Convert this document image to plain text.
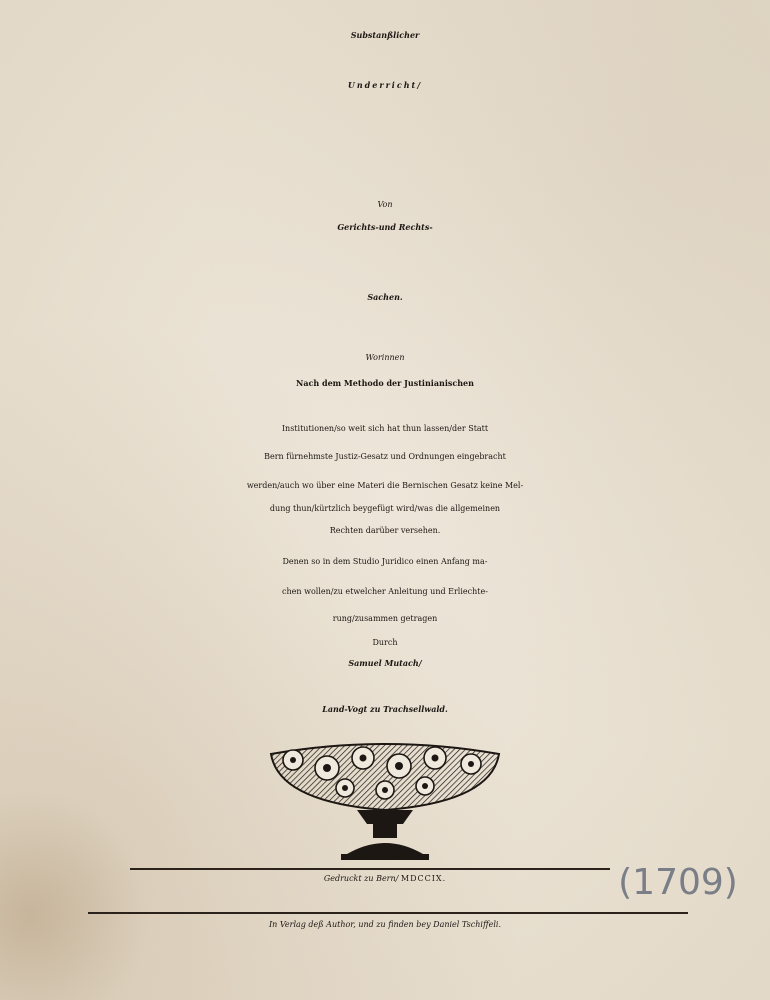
Substanßlicher
Underricht/
Von
Gerichts-und Rechts-
Sachen.
Worinnen
Nach dem Methodo der Justinianischen
Institutionen/so weit sich hat thun lassen/der Statt
Bern fürnehmste Justiz-Gesatz und Ordnungen eingebracht
werden/auch wo über eine Materi die Bernischen Gesatz keine Mel-
dung thun/kürtzlich beygefügt wird/was die allgemeinen
Rechten darüber versehen.
Denen so in dem Studio Juridico einen Anfang ma-
chen wollen/zu etwelcher Anleitung und Erliechte-
rung/zusammen getragen
Durch
Samuel Mutach/
Land-Vogt zu Trachsellwald.
Gedruckt zu Bern/ MDCCIX.	(1709)
In Verlag deß Author, und zu finden bey Daniel Tschiffeli.
